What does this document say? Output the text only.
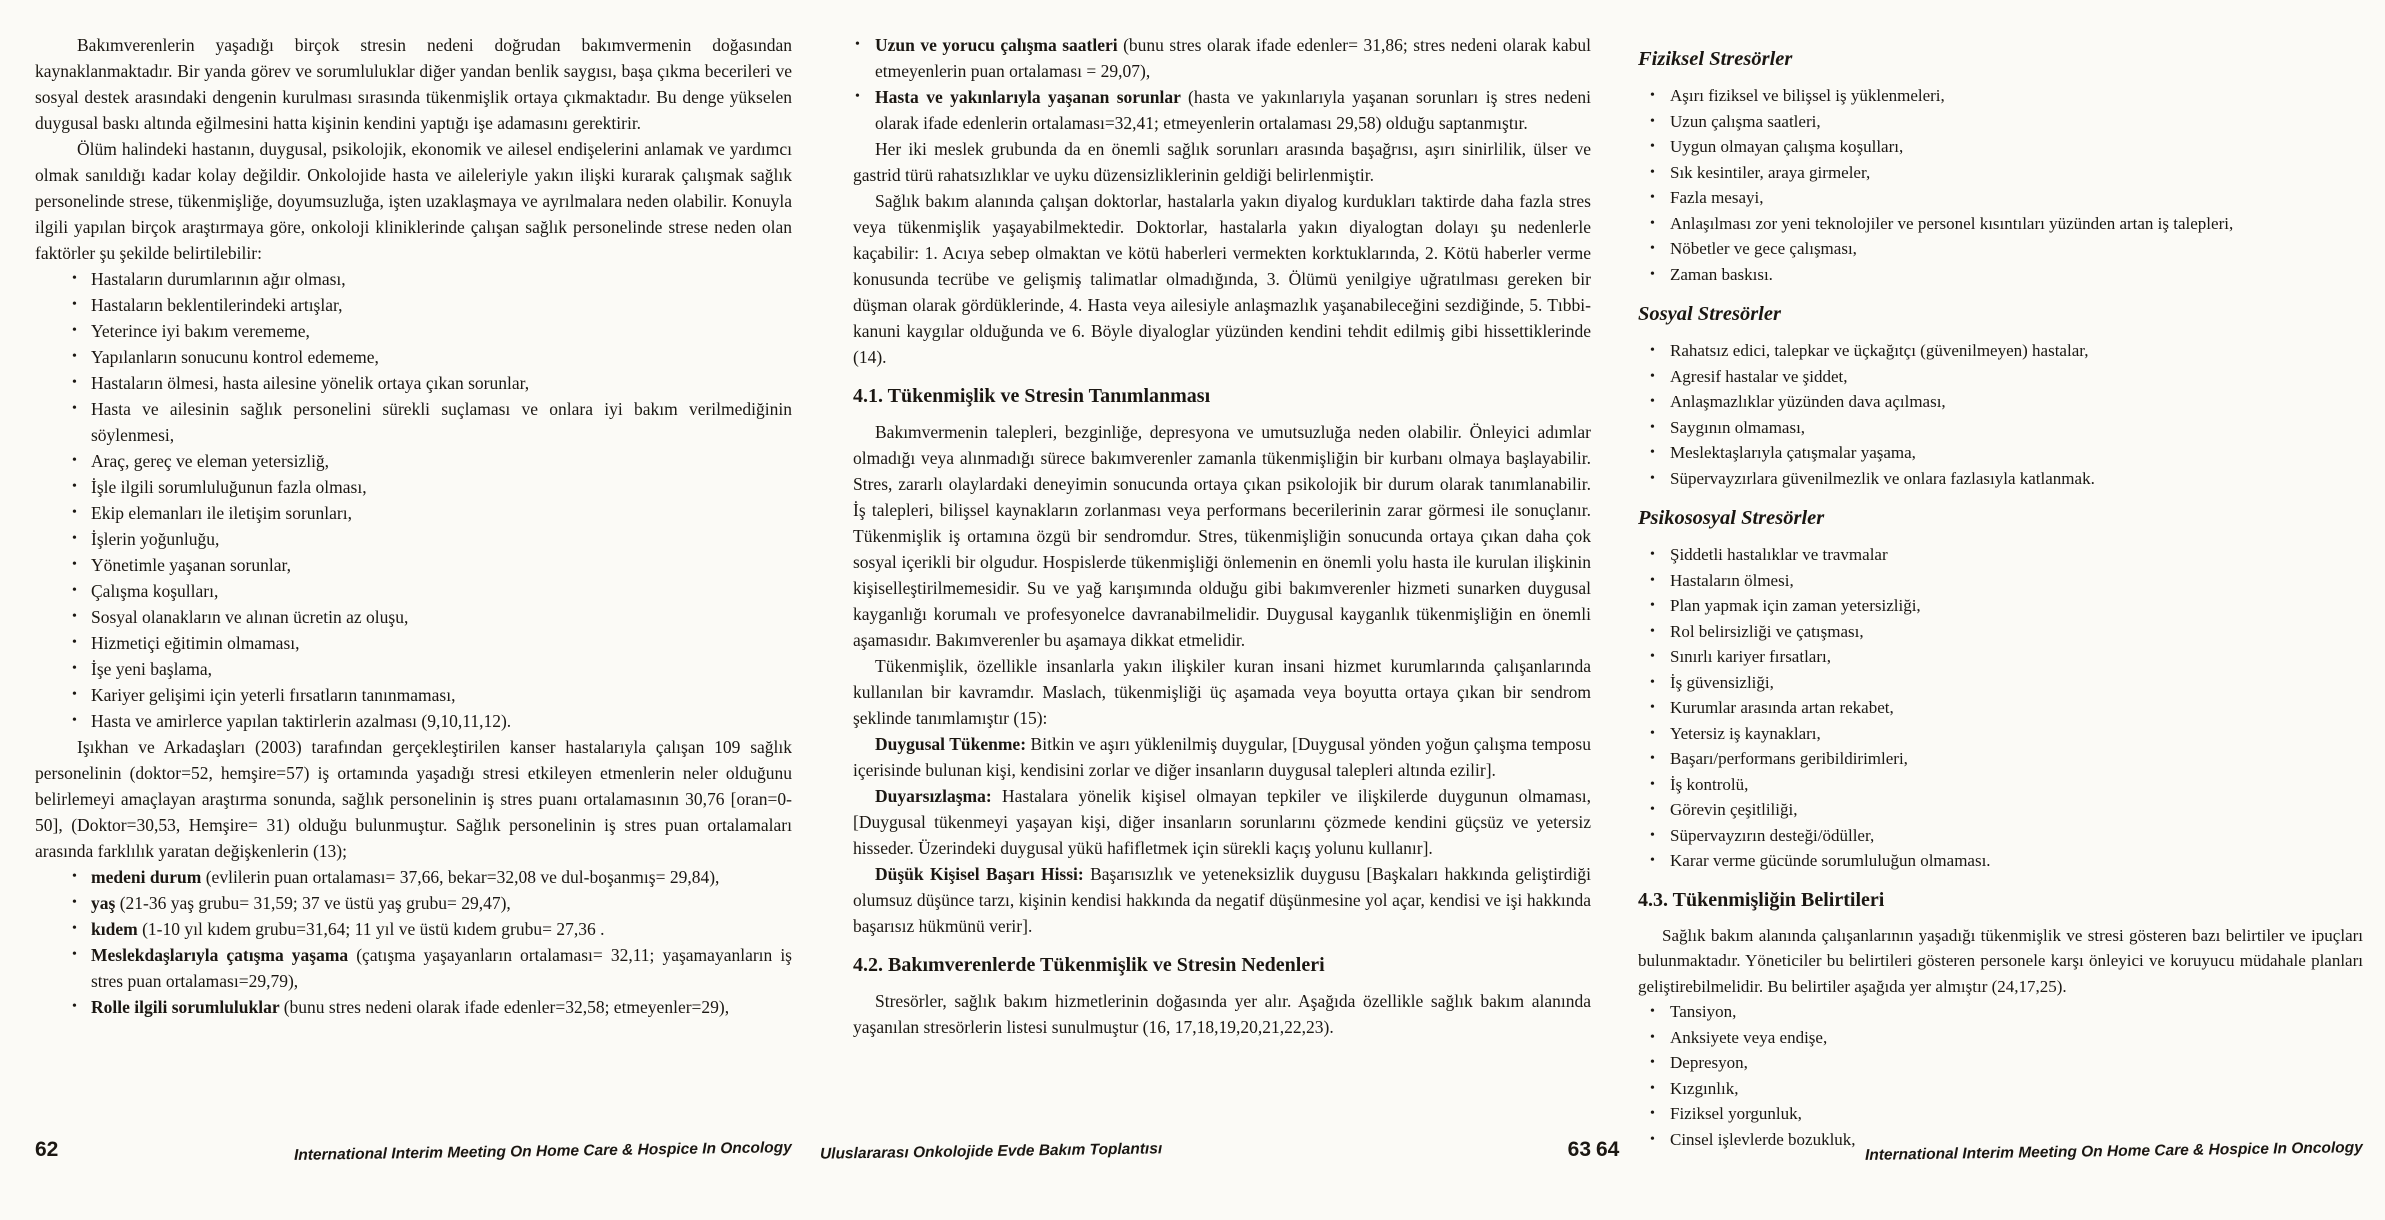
Bakımverenlerin yaşadığı birçok stresin nedeni doğrudan bakımvermenin doğasından kaynaklanmaktadır. Bir yanda görev ve sorumluluklar diğer yandan benlik saygısı, başa çıkma becerileri ve sosyal destek arasındaki dengenin kurulması sırasında tükenmişlik ortaya çıkmaktadır. Bu denge yükselen duygusal baskı altında eğilmesini hatta kişinin kendini yaptığı işe adamasını gerektirir.

Ölüm halindeki hastanın, duygusal, psikolojik, ekonomik ve ailesel endişelerini anlamak ve yardımcı olmak sanıldığı kadar kolay değildir. Onkolojide hasta ve aileleriyle yakın ilişki kurarak çalışmak sağlık personelinde strese, tükenmişliğe, doyumsuzluğa, işten uzaklaşmaya ve ayrılmalara neden olabilir. Konuyla ilgili yapılan birçok araştırmaya göre, onkoloji kliniklerinde çalışan sağlık personelinde strese neden olan faktörler şu şekilde belirtilebilir:

• Hastaların durumlarının ağır olması,
• Hastaların beklentilerindeki artışlar,
• Yeterince iyi bakım verememe,
• Yapılanların sonucunu kontrol edememe,
• Hastaların ölmesi, hasta ailesine yönelik ortaya çıkan sorunlar,
• Hasta ve ailesinin sağlık personelini sürekli suçlaması ve onlara iyi bakım verilmediğinin söylenmesi,
• Araç, gereç ve eleman yetersizliğ,
• İşle ilgili sorumluluğunun fazla olması,
• Ekip elemanları ile iletişim sorunları,
• İşlerin yoğunluğu,
• Yönetimle yaşanan sorunlar,
• Çalışma koşulları,
• Sosyal olanakların ve alınan ücretin az oluşu,
• Hizmetiçi eğitimin olmaması,
• İşe yeni başlama,
• Kariyer gelişimi için yeterli fırsatların tanınmaması,
• Hasta ve amirlerce yapılan taktirlerin azalması (9,10,11,12).

Işıkhan ve Arkadaşları (2003) tarafından gerçekleştirilen kanser hastalarıyla çalışan 109 sağlık personelinin (doktor=52, hemşire=57) iş ortamında yaşadığı stresi etkileyen etmenlerin neler olduğunu belirlemeyi amaçlayan araştırma sonunda, sağlık personelinin iş stres puanı ortalamasının 30,76 [oran=0-50], (Doktor=30,53, Hemşire= 31) olduğu bulunmuştur. Sağlık personelinin iş stres puan ortalamaları arasında farklılık yaratan değişkenlerin (13);

• medeni durum (evlilerin puan ortalaması= 37,66, bekar=32,08 ve dul-boşanmış= 29,84),
• yaş (21-36 yaş grubu= 31,59; 37 ve üstü yaş grubu= 29,47),
• kıdem (1-10 yıl kıdem grubu=31,64; 11 yıl ve üstü kıdem grubu= 27,36 .
• Meslekdaşlarıyla çatışma yaşama (çatışma yaşayanların ortalaması= 32,11; yaşamayanların iş stres puan ortalaması=29,79),
• Rolle ilgili sorumluluklar (bunu stres nedeni olarak ifade edenler=32,58; etmeyenler=29),
62	International Interim Meeting On Home Care & Hospice In Oncology
• Uzun ve yorucu çalışma saatleri (bunu stres olarak ifade edenler= 31,86; stres nedeni olarak kabul etmeyenlerin puan ortalaması = 29,07),
• Hasta ve yakınlarıyla yaşanan sorunlar (hasta ve yakınlarıyla yaşanan sorunları iş stres nedeni olarak ifade edenlerin ortalaması=32,41; etmeyenlerin ortalaması 29,58) olduğu saptanmıştır.

Her iki meslek grubunda da en önemli sağlık sorunları arasında başağrısı, aşırı sinirlilik, ülser ve gastrid türü rahatsızlıklar ve uyku düzensizliklerinin geldiği belirlenmiştir.

Sağlık bakım alanında çalışan doktorlar, hastalarla yakın diyalog kurdukları taktirde daha fazla stres veya tükenmişlik yaşayabilmektedir. Doktorlar, hastalarla yakın diyalogtan dolayı şu nedenlerle kaçabilir: 1. Acıya sebep olmaktan ve kötü haberleri vermekten korktuklarında, 2. Kötü haberler verme konusunda tecrübe ve gelişmiş talimatlar olmadığında, 3. Ölümü yenilgiye uğratılması gereken bir düşman olarak gördüklerinde, 4. Hasta veya ailesiyle anlaşmazlık yaşanabileceğini sezdiğinde, 5. Tıbbi-kanuni kaygılar olduğunda ve 6. Böyle diyaloglar yüzünden kendini tehdit edilmiş gibi hissettiklerinde (14).

4.1. Tükenmişlik ve Stresin Tanımlanması

Bakımvermenin talepleri, bezginliğe, depresyona ve umutsuzluğa neden olabilir. Önleyici adımlar olmadığı veya alınmadığı sürece bakımverenler zamanla tükenmişliğin bir kurbanı olmaya başlayabilir. Stres, zararlı olaylardaki deneyimin sonucunda ortaya çıkan psikolojik bir durum olarak tanımlanabilir. İş talepleri, bilişsel kaynakların zorlanması veya performans becerilerinin zarar görmesi ile sonuçlanır. Tükenmişlik iş ortamına özgü bir sendromdur. Stres, tükenmişliğin sonucunda ortaya çıkan daha çok sosyal içerikli bir olgudur. Hospislerde tükenmişliği önlemenin en önemli yolu hasta ile kurulan ilişkinin kişiselleştirilmemesidir. Su ve yağ karışımında olduğu gibi bakımverenler hizmeti sunarken duygusal kayganlığı korumalı ve profesyonelce davranabilmelidir. Duygusal kayganlık tükenmişliğin en önemli aşamasıdır. Bakımverenler bu aşamaya dikkat etmelidir.

Tükenmişlik, özellikle insanlarla yakın ilişkiler kuran insani hizmet kurumlarında çalışanlarında kullanılan bir kavramdır. Maslach, tükenmişliği üç aşamada veya boyutta ortaya çıkan bir sendrom şeklinde tanımlamıştır (15):

Duygusal Tükenme: Bitkin ve aşırı yüklenilmiş duygular, [Duygusal yönden yoğun çalışma temposu içerisinde bulunan kişi, kendisini zorlar ve diğer insanların duygusal talepleri altında ezilir].

Duyarsızlaşma: Hastalara yönelik kişisel olmayan tepkiler ve ilişkilerde duygunun olmaması, [Duygusal tükenmeyi yaşayan kişi, diğer insanların sorunlarını çözmede kendini güçsüz ve yetersiz hisseder. Üzerindeki duygusal yükü hafifletmek için sürekli kaçış yolunu kullanır].

Düşük Kişisel Başarı Hissi: Başarısızlık ve yeteneksizlik duygusu [Başkaları hakkında geliştirdiği olumsuz düşünce tarzı, kişinin kendisi hakkında da negatif düşünmesine yol açar, kendisi ve işi hakkında başarısız hükmünü verir].

4.2. Bakımverenlerde Tükenmişlik ve Stresin Nedenleri

Stresörler, sağlık bakım hizmetlerinin doğasında yer alır. Aşağıda özellikle sağlık bakım alanında yaşanılan stresörlerin listesi sunulmuştur (16, 17,18,19,20,21,22,23).

Uluslararası Onkolojide Evde Bakım Toplantısı	63
Fiziksel Stresörler
• Aşırı fiziksel ve bilişsel iş yüklenmeleri,
• Uzun çalışma saatleri,
• Uygun olmayan çalışma koşulları,
• Sık kesintiler, araya girmeler,
• Fazla mesayi,
• Anlaşılması zor yeni teknolojiler ve personel kısıntıları yüzünden artan iş talepleri,
• Nöbetler ve gece çalışması,
• Zaman baskısı.
Sosyal Stresörler
• Rahatsız edici, talepkar ve üçkağıtçı (güvenilmeyen) hastalar,
• Agresif hastalar ve şiddet,
• Anlaşmazlıklar yüzünden dava açılması,
• Saygının olmaması,
• Meslektaşlarıyla çatışmalar yaşama,
• Süpervayzırlara güvenilmezlik ve onlara fazlasıyla katlanmak.
Psikososyal Stresörler
• Şiddetli hastalıklar ve travmalar
• Hastaların ölmesi,
• Plan yapmak için zaman yetersizliği,
• Rol belirsizliği ve çatışması,
• Sınırlı kariyer fırsatları,
• İş güvensizliği,
• Kurumlar arasında artan rekabet,
• Yetersiz iş kaynakları,
• Başarı/performans geribildirimleri,
• İş kontrolü,
• Görevin çeşitliliği,
• Süpervayzırın desteği/ödüller,
• Karar verme gücünde sorumluluğun olmaması.
4.3. Tükenmişliğin Belirtileri

Sağlık bakım alanında çalışanlarının yaşadığı tükenmişlik ve stresi gösteren bazı belirtiler ve ipuçları bulunmaktadır. Yöneticiler bu belirtileri gösteren personele karşı önleyici ve koruyucu müdahale planları geliştirebilmelidir. Bu belirtiler aşağıda yer almıştır (24,17,25).

• Tansiyon,
• Anksiyete veya endişe,
• Depresyon,
• Kızgınlık,
• Fiziksel yorgunluk,
• Cinsel işlevlerde bozukluk,
64	International Interim Meeting On Home Care & Hospice In Oncology
